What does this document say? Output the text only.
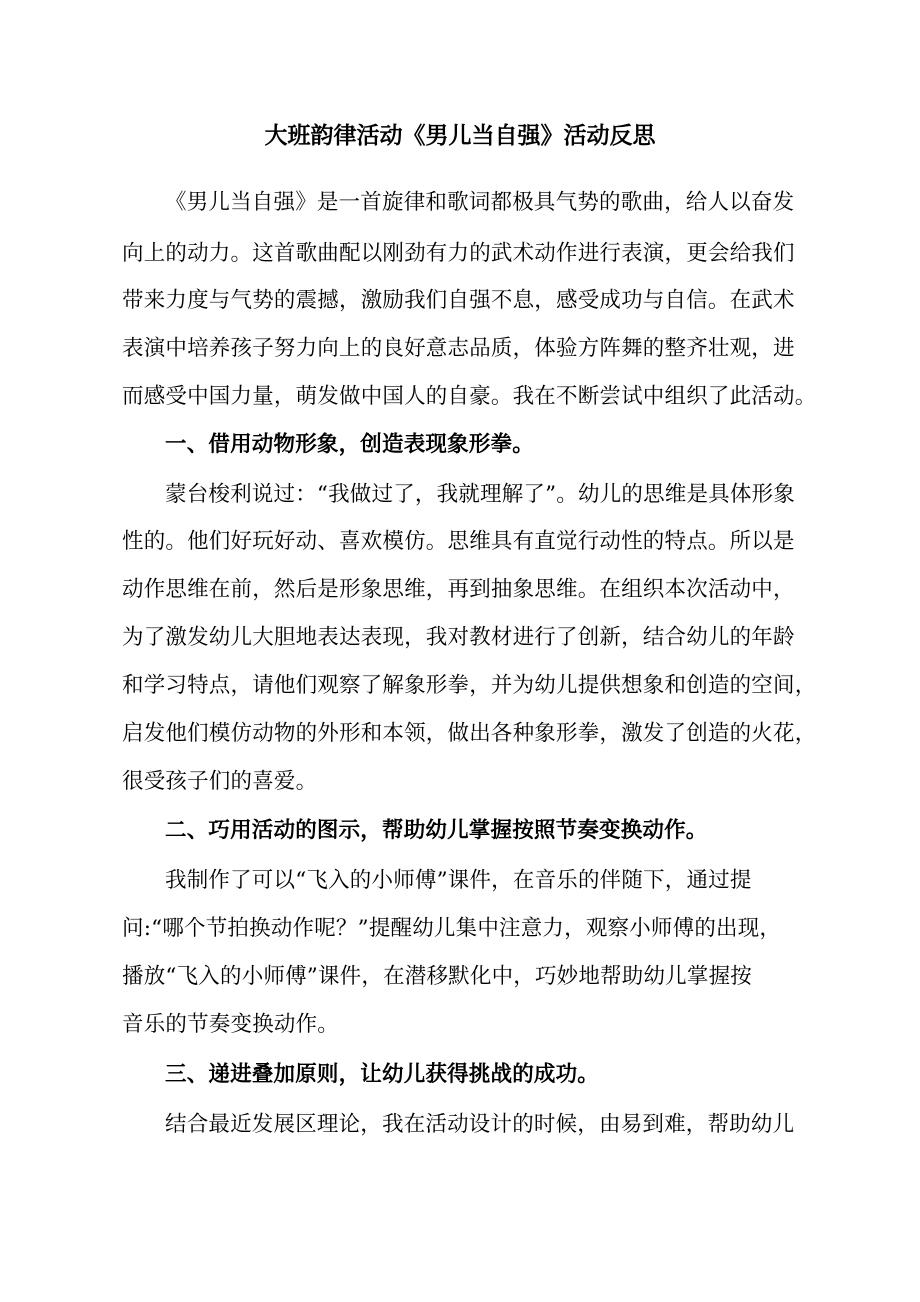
大班韵律活动《男儿当自强》活动反思
《男儿当自强》是一首旋律和歌词都极具气势的歌曲，给人以奋发
向上的动力。这首歌曲配以刚劲有力的武术动作进行表演，更会给我们
带来力度与气势的震撼，激励我们自强不息，感受成功与自信。在武术
表演中培养孩子努力向上的良好意志品质，体验方阵舞的整齐壮观，进
而感受中国力量，萌发做中国人的自豪。我在不断尝试中组织了此活动。
一、借用动物形象，创造表现象形拳。
蒙台梭利说过：“我做过了，我就理解了”。幼儿的思维是具体形象
性的。他们好玩好动、喜欢模仿。思维具有直觉行动性的特点。所以是
动作思维在前，然后是形象思维，再到抽象思维。在组织本次活动中，
为了激发幼儿大胆地表达表现，我对教材进行了创新，结合幼儿的年龄
和学习特点，请他们观察了解象形拳，并为幼儿提供想象和创造的空间，
启发他们模仿动物的外形和本领，做出各种象形拳，激发了创造的火花，
很受孩子们的喜爱。
二、巧用活动的图示，帮助幼儿掌握按照节奏变换动作。
我制作了可以“飞入的小师傅”课件，在音乐的伴随下，通过提
问:“哪个节拍换动作呢？”提醒幼儿集中注意力，观察小师傅的出现，
播放“飞入的小师傅”课件，在潜移默化中，巧妙地帮助幼儿掌握按
音乐的节奏变换动作。
三、递进叠加原则，让幼儿获得挑战的成功。
结合最近发展区理论，我在活动设计的时候，由易到难，帮助幼儿
